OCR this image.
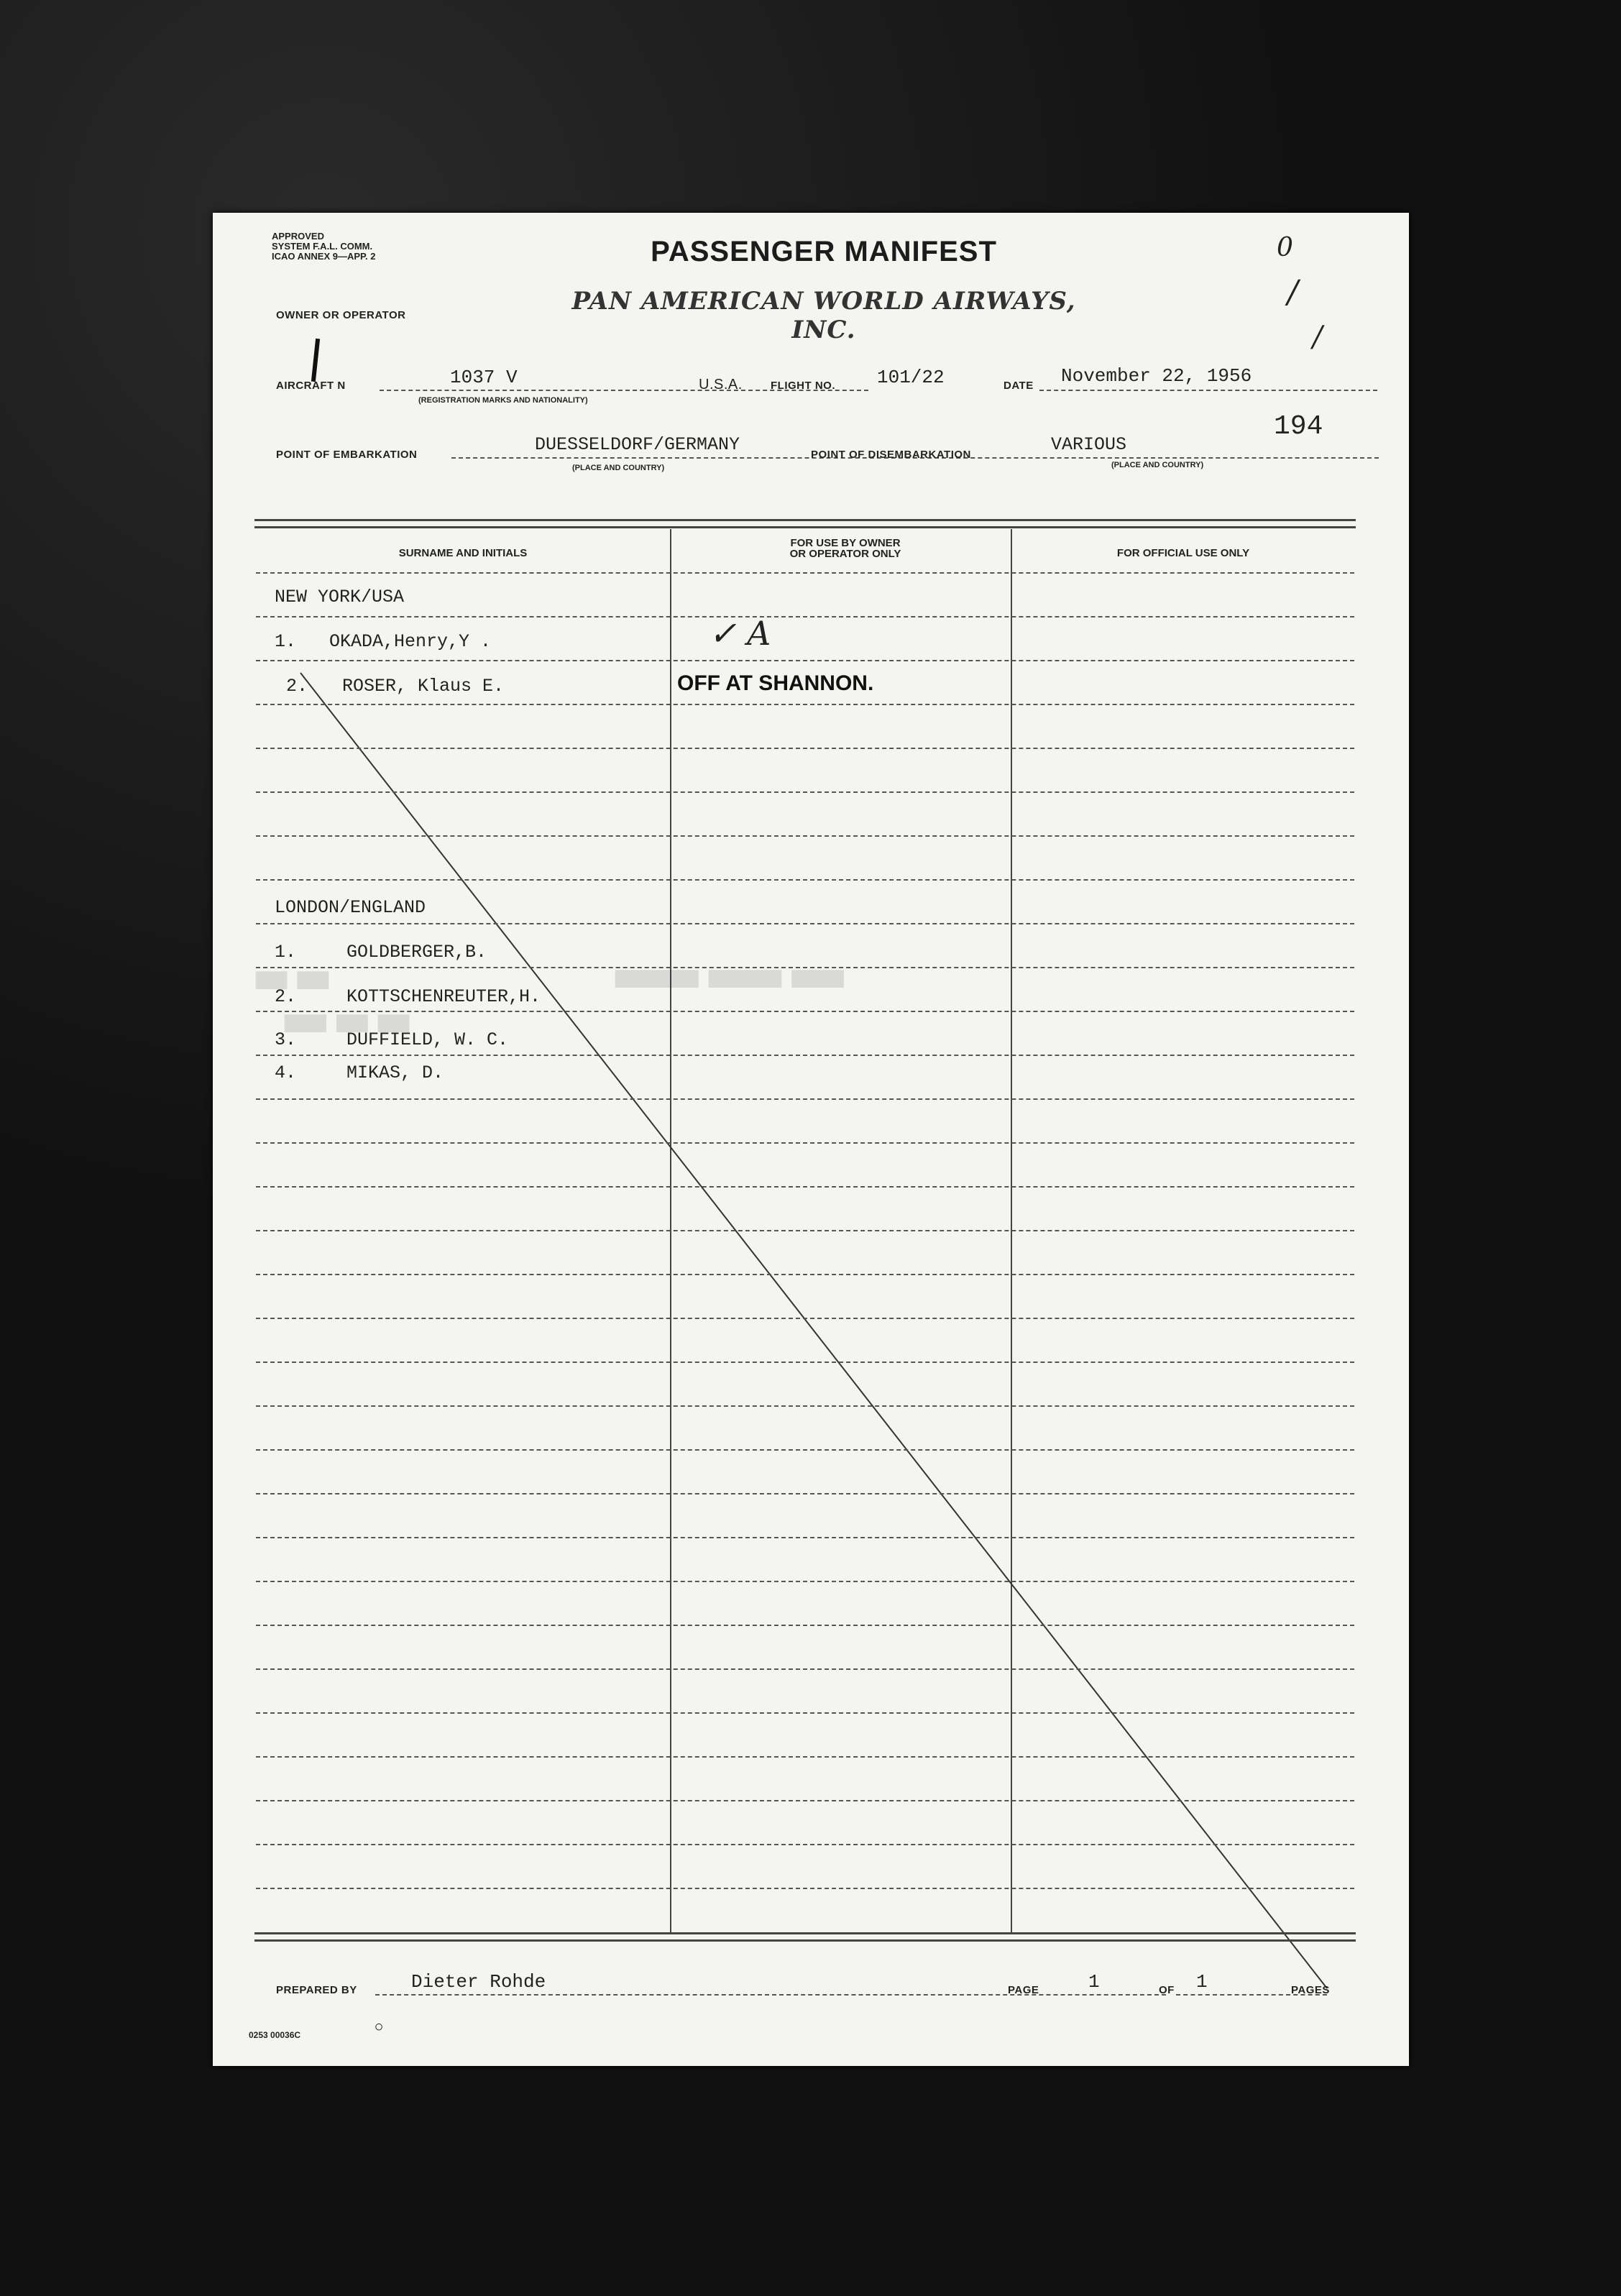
APPROVED
SYSTEM F.A.L. COMM.
ICAO ANNEX 9—APP. 2	PASSENGER MANIFEST	0
/
/
OWNER OR OPERATOR	PAN AMERICAN WORLD AIRWAYS, INC.
AIRCRAFT N	1037 V
(REGISTRATION MARKS AND NATIONALITY)
U.S.A.	FLIGHT NO. 101/22	DATE November 22, 1956
POINT OF EMBARKATION	DUESSELDORF/GERMANY
(PLACE AND COUNTRY)
POINT OF DISEMBARKATION	VARIOUS
(PLACE AND COUNTRY)
194
SURNAME AND INITIALS
FOR USE BY OWNER OR OPERATOR ONLY	FOR OFFICIAL USE ONLY
▇▇▇ ▇▇▇	▇▇▇▇▇▇▇▇ ▇▇▇▇▇▇▇ ▇▇▇▇▇
▇▇▇▇ ▇▇▇ ▇▇▇
NEW YORK/USA
1. OKADA,Henry,Y .	✓ A
2. ROSER, Klaus E.	OFF AT SHANNON.
LONDON/ENGLAND
1.	GOLDBERGER,B.
2.	KOTTSCHENREUTER,H.
3.	DUFFIELD, W. C.
4.	MIKAS, D.
PREPARED BY	Dieter Rohde	PAGE	1	OF 1	PAGES
0253 00036C
◯
